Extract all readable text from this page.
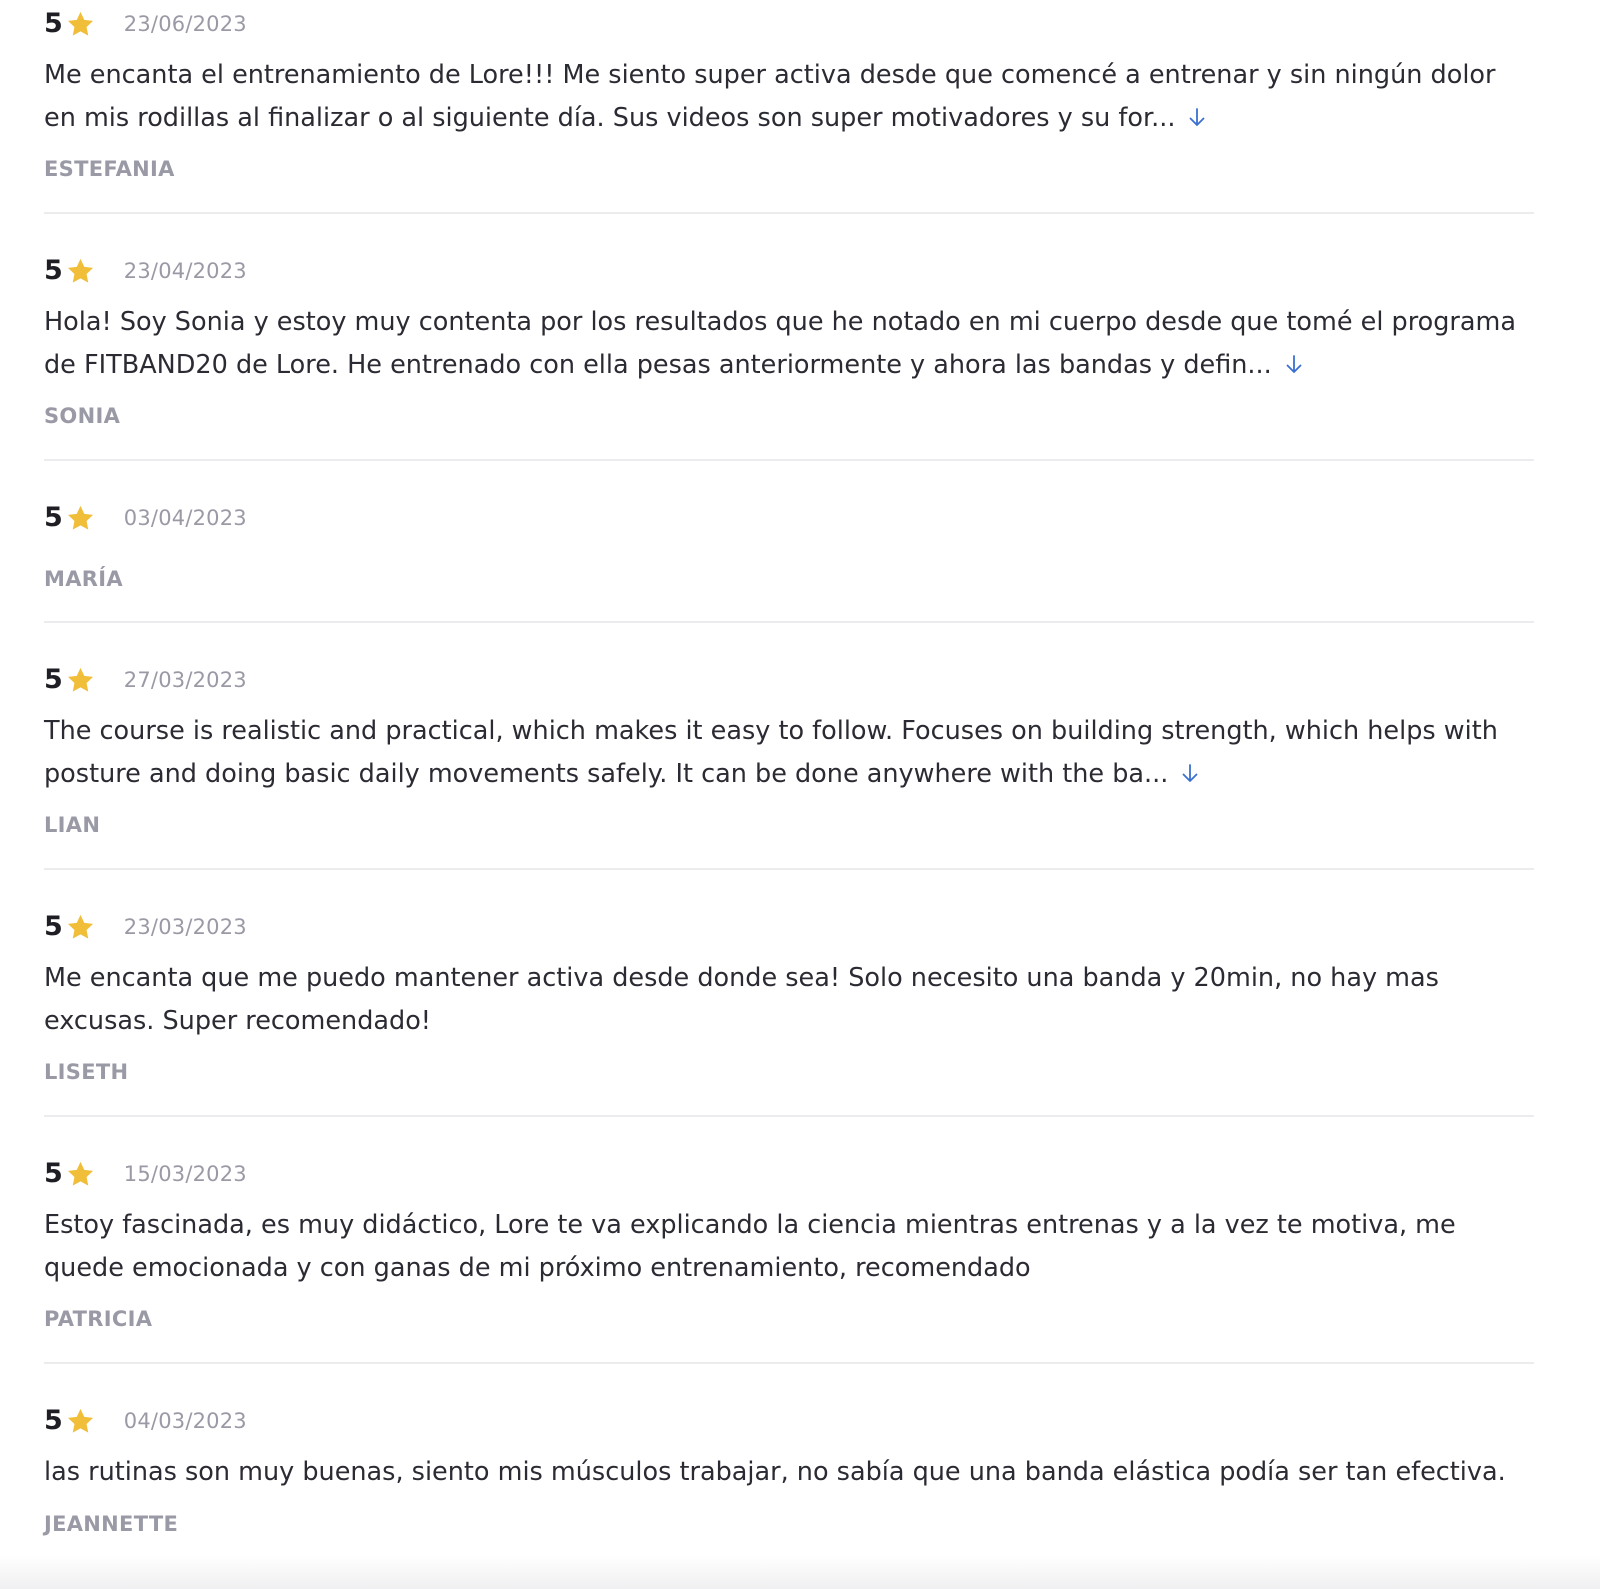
5	23/06/2023

Me encanta el entrenamiento de Lore!!! Me siento super activa desde que comencé a entrenar y sin ningún dolor en mis rodillas al finalizar o al siguiente día. Sus videos son super motivadores y su for...

ESTEFANIA
5	23/04/2023

Hola! Soy Sonia y estoy muy contenta por los resultados que he notado en mi cuerpo desde que tomé el programa de FITBAND20 de Lore. He entrenado con ella pesas anteriormente y ahora las bandas y defin...

SONIA
5	03/04/2023
MARÍA
5	27/03/2023

The course is realistic and practical, which makes it easy to follow. Focuses on building strength, which helps with posture and doing basic daily movements safely. It can be done anywhere with the ba...

LIAN
5	23/03/2023

Me encanta que me puedo mantener activa desde donde sea! Solo necesito una banda y 20min, no hay mas excusas. Super recomendado!

LISETH
5	15/03/2023

Estoy fascinada, es muy didáctico, Lore te va explicando la ciencia mientras entrenas y a la vez te motiva, me quede emocionada y con ganas de mi próximo entrenamiento, recomendado

PATRICIA
5	04/03/2023

las rutinas son muy buenas, siento mis músculos trabajar, no sabía que una banda elástica podía ser tan efectiva.

JEANNETTE
